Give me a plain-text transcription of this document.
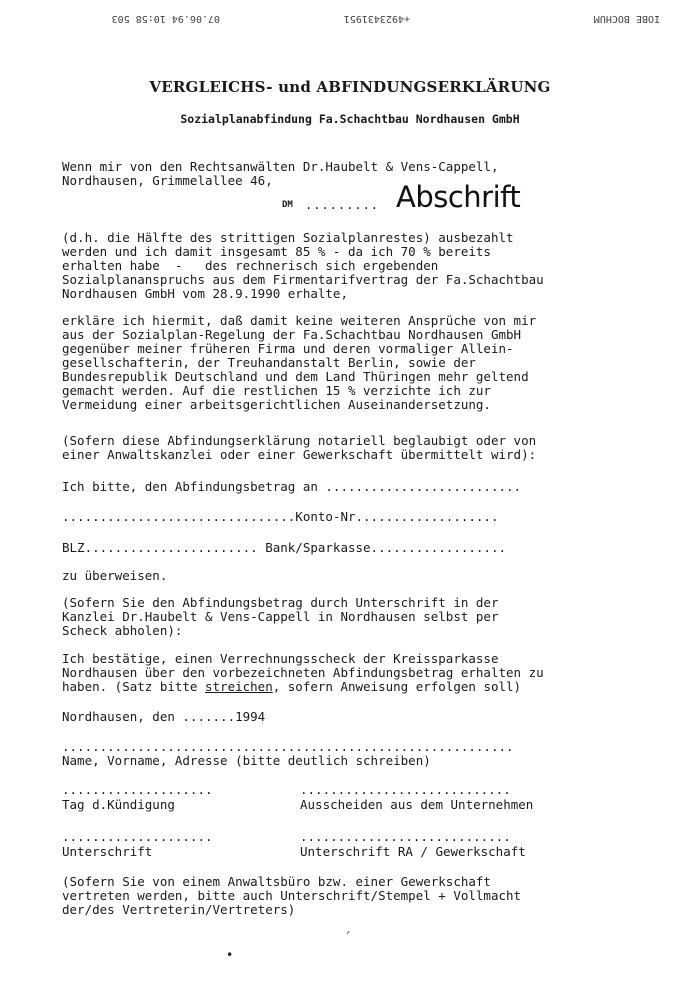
IOBE BOCHUM
+4923431951
07.06.94 10:58 503
VERGLEICHS- und ABFINDUNGSERKLÄRUNG
Sozialplanabfindung Fa.Schachtbau Nordhausen GmbH
Wenn mir von den Rechtsanwälten Dr.Haubelt & Vens-Cappell,
Nordhausen, Grimmelallee 46,
DM ......... Abschrift
(d.h. die Hälfte des strittigen Sozialplanrestes) ausbezahlt
werden und ich damit insgesamt 85 % - da ich 70 % bereits
erhalten habe  -   des rechnerisch sich ergebenden
Sozialplananspruchs aus dem Firmentarifvertrag der Fa.Schachtbau
Nordhausen GmbH vom 28.9.1990 erhalte,
erkläre ich hiermit, daß damit keine weiteren Ansprüche von mir
aus der Sozialplan-Regelung der Fa.Schachtbau Nordhausen GmbH
gegenüber meiner früheren Firma und deren vormaliger Allein-
gesellschafterin, der Treuhandanstalt Berlin, sowie der
Bundesrepublik Deutschland und dem Land Thüringen mehr geltend
gemacht werden. Auf die restlichen 15 % verzichte ich zur
Vermeidung einer arbeitsgerichtlichen Auseinandersetzung.
(Sofern diese Abfindungserklärung notariell beglaubigt oder von
einer Anwaltskanzlei oder einer Gewerkschaft übermittelt wird):
Ich bitte, den Abfindungsbetrag an ..........................
...............................Konto-Nr...................
BLZ....................... Bank/Sparkasse..................
zu überweisen.
(Sofern Sie den Abfindungsbetrag durch Unterschrift in der
Kanzlei Dr.Haubelt & Vens-Cappell in Nordhausen selbst per
Scheck abholen):
Ich bestätige, einen Verrechnungsscheck der Kreissparkasse
Nordhausen über den vorbezeichneten Abfindungsbetrag erhalten zu
haben. (Satz bitte streichen, sofern Anweisung erfolgen soll)
Nordhausen, den .......1994
............................................................
Name, Vorname, Adresse (bitte deutlich schreiben)
....................	............................
Tag d.Kündigung	Ausscheiden aus dem Unternehmen
....................	............................
Unterschrift	Unterschrift RA / Gewerkschaft
(Sofern Sie von einem Anwaltsbüro bzw. einer Gewerkschaft
vertreten werden, bitte auch Unterschrift/Stempel + Vollmacht
der/des Vertreterin/Vertreters)
´
•
